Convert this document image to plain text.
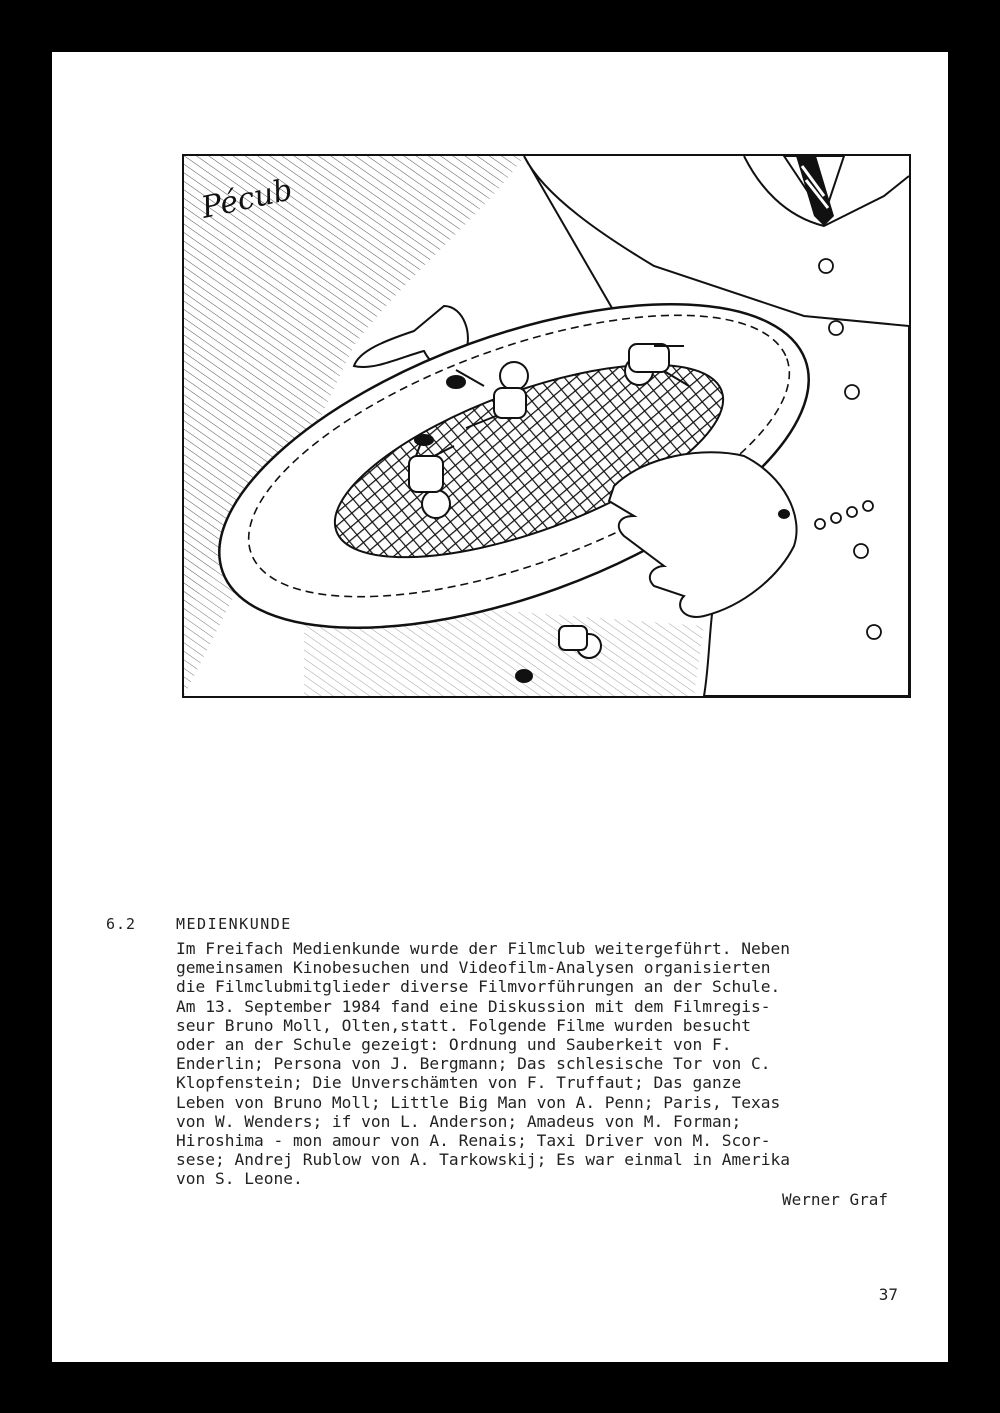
Pécub
6.2	MEDIENKUNDE
Im Freifach Medienkunde wurde der Filmclub weitergeführt. Neben
gemeinsamen Kinobesuchen und Videofilm-Analysen organisierten
die Filmclubmitglieder diverse Filmvorführungen an der Schule.
Am 13. September 1984 fand eine Diskussion mit dem Filmregis-
seur Bruno Moll, Olten,statt. Folgende Filme wurden besucht
oder an der Schule gezeigt: Ordnung und Sauberkeit von F.
Enderlin; Persona von J. Bergmann; Das schlesische Tor von C.
Klopfenstein; Die Unverschämten von F. Truffaut; Das ganze
Leben von Bruno Moll; Little Big Man von A. Penn; Paris, Texas
von W. Wenders; if von L. Anderson; Amadeus von M. Forman;
Hiroshima - mon amour von A. Renais; Taxi Driver von M. Scor-
sese; Andrej Rublow von A. Tarkowskij; Es war einmal in Amerika
von S. Leone.
Werner Graf
37
